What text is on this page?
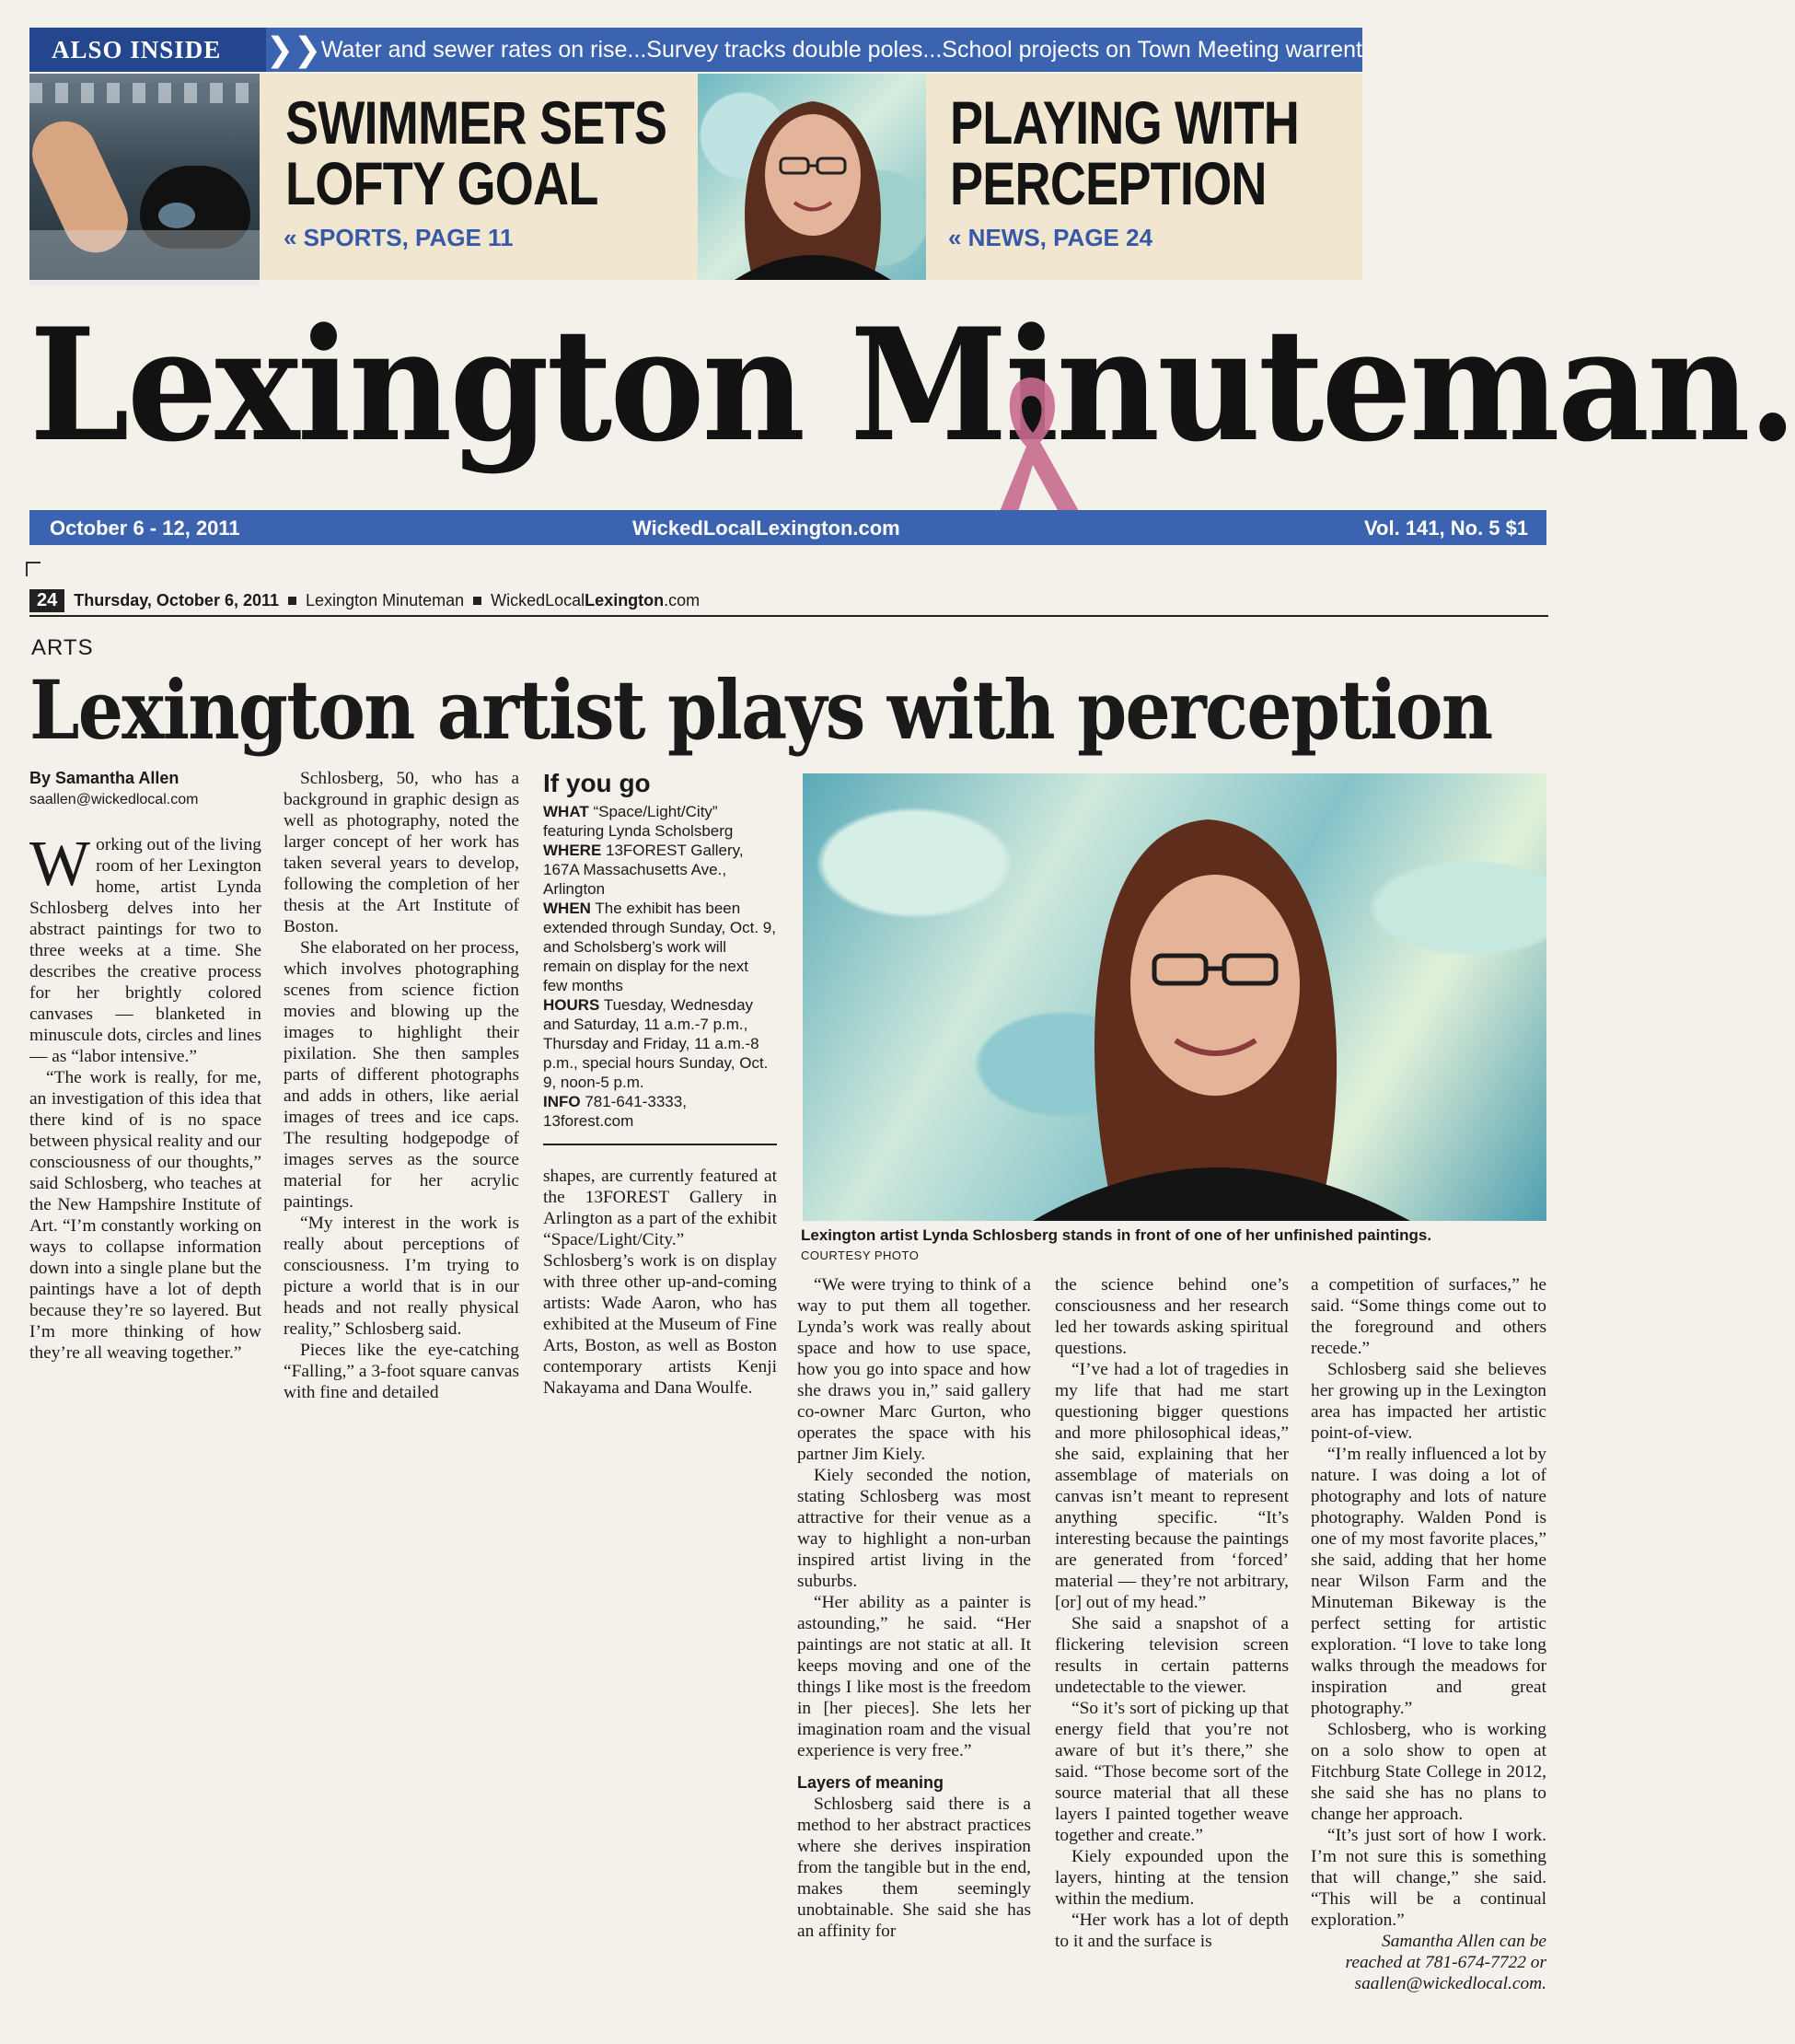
ALSO INSIDE	❯❯ Water and sewer rates on rise...Survey tracks double poles...School projects on Town Meeting warrent
SWIMMER SETS
LOFTY GOAL
« SPORTS, PAGE 11
PLAYING WITH
PERCEPTION
« NEWS, PAGE 24
Lexington Minuteman.
October 6 - 12, 2011	WickedLocalLexington.com	Vol. 141, No. 5 $1
24	Thursday, October 6, 2011 Lexington Minuteman WickedLocalLexington.com
ARTS
Lexington artist plays with perception
By Samantha Allen
saallen@wickedlocal.com

Working out of the living room of her Lexington home, artist Lynda Schlosberg delves into her abstract paintings for two to three weeks at a time. She describes the creative process for her brightly colored canvases — blanketed in minuscule dots, circles and lines — as “labor intensive.”

“The work is really, for me, an investigation of this idea that there kind of is no space between physical reality and our consciousness of our thoughts,” said Schlosberg, who teaches at the New Hampshire Institute of Art. “I’m constantly working on ways to collapse information down into a single plane but the paintings have a lot of depth because they’re so layered. But I’m more thinking of how they’re all weaving together.”

Schlosberg, 50, who has a background in graphic design as well as photography, noted the larger concept of her work has taken several years to develop, following the completion of her thesis at the Art Institute of Boston.

She elaborated on her process, which involves photographing scenes from science fiction movies and blowing up the images to highlight their pixilation. She then samples parts of different photographs and adds in others, like aerial images of trees and ice caps. The resulting hodgepodge of images serves as the source material for her acrylic paintings.

“My interest in the work is really about perceptions of consciousness. I’m trying to picture a world that is in our heads and not really physical reality,” Schlosberg said.

Pieces like the eye-catching “Falling,” a 3-foot square canvas with fine and detailed

If you go
WHAT “Space/Light/City” featuring Lynda Scholsberg
WHERE 13FOREST Gallery, 167A Massachusetts Ave., Arlington
WHEN The exhibit has been extended through Sunday, Oct. 9, and Scholsberg’s work will remain on display for the next few months
HOURS Tuesday, Wednesday and Saturday, 11 a.m.-7 p.m., Thursday and Friday, 11 a.m.-8 p.m., special hours Sunday, Oct. 9, noon-5 p.m.
INFO 781-641-3333, 13forest.com

shapes, are currently featured at the 13FOREST Gallery in Arlington as a part of the exhibit “Space/Light/City.” Schlosberg’s work is on display with three other up-and-coming artists: Wade Aaron, who has exhibited at the Museum of Fine Arts, Boston, as well as Boston contemporary artists Kenji Nakayama and Dana Woulfe.

Lexington artist Lynda Schlosberg stands in front of one of her unfinished paintings.
COURTESY PHOTO

“We were trying to think of a way to put them all together. Lynda’s work was really about space and how to use space, how you go into space and how she draws you in,” said gallery co-owner Marc Gurton, who operates the space with his partner Jim Kiely.

Kiely seconded the notion, stating Schlosberg was most attractive for their venue as a way to highlight a non-urban inspired artist living in the suburbs.

“Her ability as a painter is astounding,” he said. “Her paintings are not static at all. It keeps moving and one of the things I like most is the freedom in [her pieces]. She lets her imagination roam and the visual experience is very free.”

Layers of meaning

Schlosberg said there is a method to her abstract practices where she derives inspiration from the tangible but in the end, makes them seemingly unobtainable. She said she has an affinity for

the science behind one’s consciousness and her research led her towards asking spiritual questions.

“I’ve had a lot of tragedies in my life that had me start questioning bigger questions and more philosophical ideas,” she said, explaining that her assemblage of materials on canvas isn’t meant to represent anything specific. “It’s interesting because the paintings are generated from ‘forced’ material — they’re not arbitrary, [or] out of my head.”

She said a snapshot of a flickering television screen results in certain patterns undetectable to the viewer.

“So it’s sort of picking up that energy field that you’re not aware of but it’s there,” she said. “Those become sort of the source material that all these layers I painted together weave together and create.”

Kiely expounded upon the layers, hinting at the tension within the medium.

“Her work has a lot of depth to it and the surface is

a competition of surfaces,” he said. “Some things come out to the foreground and others recede.”

Schlosberg said she believes her growing up in the Lexington area has impacted her artistic point-of-view.

“I’m really influenced a lot by nature. I was doing a lot of photography and lots of nature photography. Walden Pond is one of my most favorite places,” she said, adding that her home near Wilson Farm and the Minuteman Bikeway is the perfect setting for artistic exploration. “I love to take long walks through the meadows for inspiration and great photography.”

Schlosberg, who is working on a solo show to open at Fitchburg State College in 2012, she said she has no plans to change her approach.

“It’s just sort of how I work. I’m not sure this is something that will change,” she said. “This will be a continual exploration.”

Samantha Allen can be reached at 781-674-7722 or saallen@wickedlocal.com.
